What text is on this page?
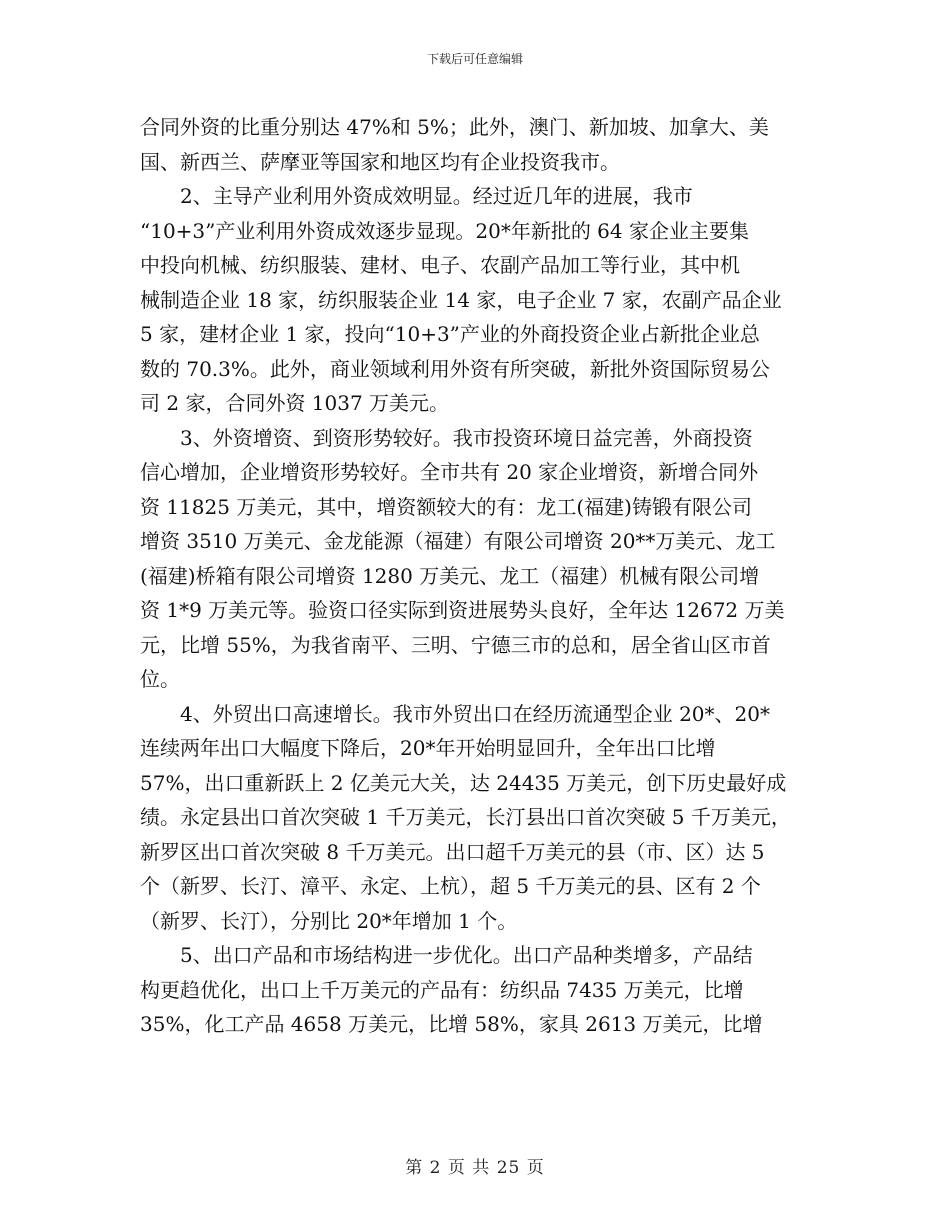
下载后可任意编辑
合同外资的比重分别达 47%和 5%；此外，澳门、新加坡、加拿大、美
国、新西兰、萨摩亚等国家和地区均有企业投资我市。
2、主导产业利用外资成效明显。经过近几年的进展，我市
“10+3”产业利用外资成效逐步显现。20*年新批的 64 家企业主要集
中投向机械、纺织服装、建材、电子、农副产品加工等行业，其中机
械制造企业 18 家，纺织服装企业 14 家，电子企业 7 家，农副产品企业
5 家，建材企业 1 家，投向“10+3”产业的外商投资企业占新批企业总
数的 70.3%。此外，商业领域利用外资有所突破，新批外资国际贸易公
司 2 家，合同外资 1037 万美元。
3、外资增资、到资形势较好。我市投资环境日益完善，外商投资
信心增加，企业增资形势较好。全市共有 20 家企业增资，新增合同外
资 11825 万美元，其中，增资额较大的有：龙工(福建)铸锻有限公司
增资 3510 万美元、金龙能源（福建）有限公司增资 20**万美元、龙工
(福建)桥箱有限公司增资 1280 万美元、龙工（福建）机械有限公司增
资 1*9 万美元等。验资口径实际到资进展势头良好，全年达 12672 万美
元，比增 55%，为我省南平、三明、宁德三市的总和，居全省山区市首
位。
4、外贸出口高速增长。我市外贸出口在经历流通型企业 20*、20*
连续两年出口大幅度下降后，20*年开始明显回升，全年出口比增
57%，出口重新跃上 2 亿美元大关，达 24435 万美元，创下历史最好成
绩。永定县出口首次突破 1 千万美元，长汀县出口首次突破 5 千万美元，
新罗区出口首次突破 8 千万美元。出口超千万美元的县（市、区）达 5
个（新罗、长汀、漳平、永定、上杭），超 5 千万美元的县、区有 2 个
（新罗、长汀），分别比 20*年增加 1 个。
5、出口产品和市场结构进一步优化。出口产品种类增多，产品结
构更趋优化，出口上千万美元的产品有：纺织品 7435 万美元，比增
35%，化工产品 4658 万美元，比增 58%，家具 2613 万美元，比增
第 2 页 共 25 页
